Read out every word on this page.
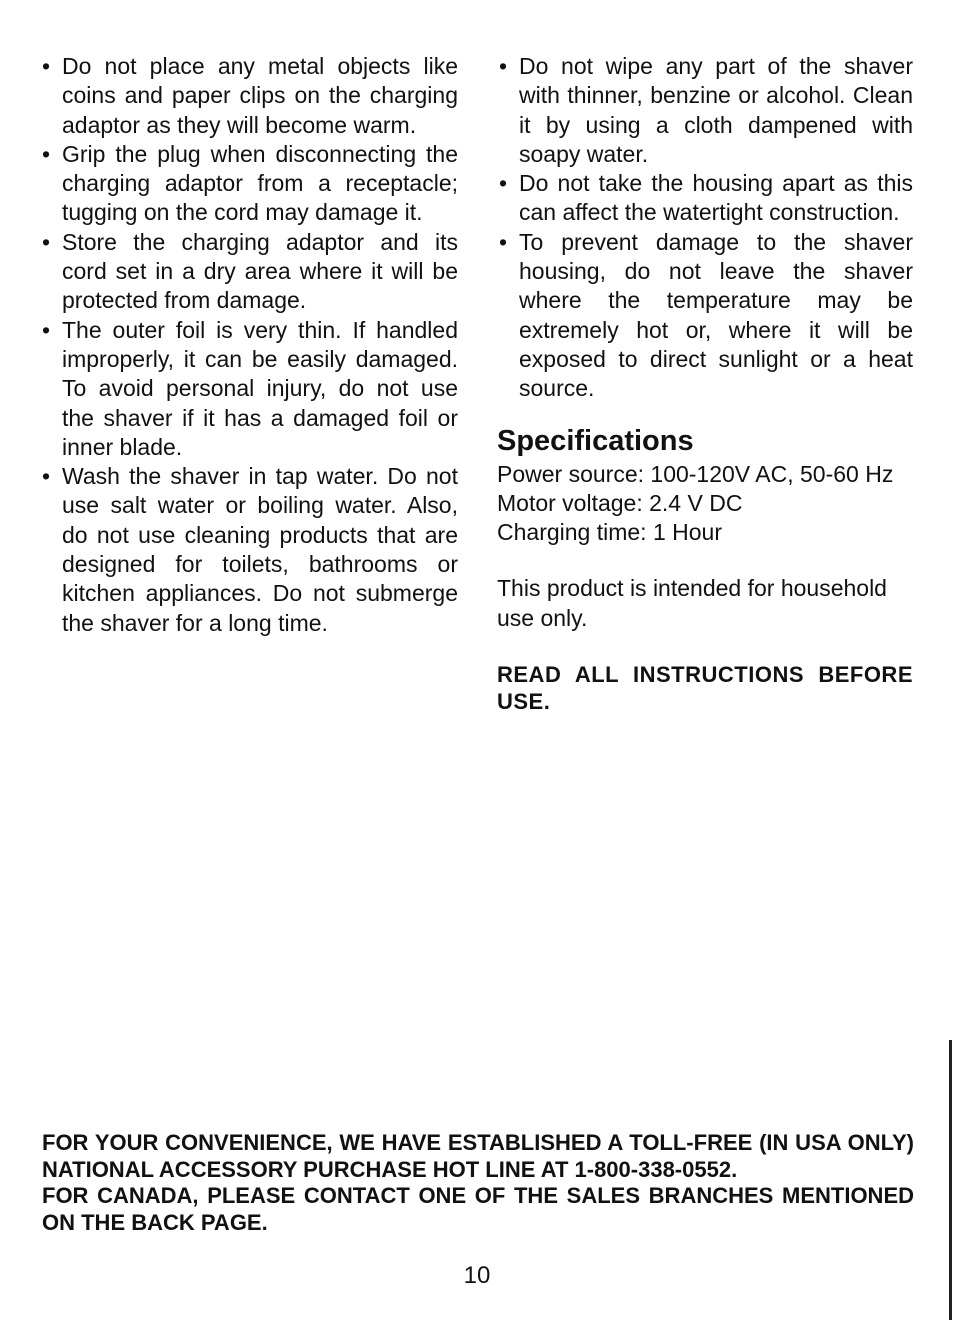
• Do not place any metal objects like coins and paper clips on the charging adaptor as they will become warm.
• Grip the plug when disconnecting the charging adaptor from a receptacle; tugging on the cord may damage it.
• Store the charging adaptor and its cord set in a dry area where it will be protected from damage.
• The outer foil is very thin. If handled improperly, it can be easily damaged. To avoid personal injury, do not use the shaver if it has a damaged foil or inner blade.
• Wash the shaver in tap water. Do not use salt water or boiling water. Also, do not use cleaning products that are designed for toilets, bathrooms or kitchen appliances. Do not submerge the shaver for a long time.
• Do not wipe any part of the shaver with thinner, benzine or alcohol. Clean it by using a cloth dampened with soapy water.
• Do not take the housing apart as this can affect the watertight construction.
• To prevent damage to the shaver housing, do not leave the shaver where the temperature may be extremely hot or, where it will be exposed to direct sunlight or a heat source.
Specifications
Power source: 100-120V AC, 50-60 Hz
Motor voltage: 2.4 V DC
Charging time: 1 Hour
This product is intended for household use only.
READ ALL INSTRUCTIONS BEFORE USE.

FOR YOUR CONVENIENCE, WE HAVE ESTABLISHED A TOLL-FREE (IN USA ONLY) NATIONAL ACCESSORY PURCHASE HOT LINE AT 1-800-338-0552.

FOR CANADA, PLEASE CONTACT ONE OF THE SALES BRANCHES MENTIONED ON THE BACK PAGE.

10
